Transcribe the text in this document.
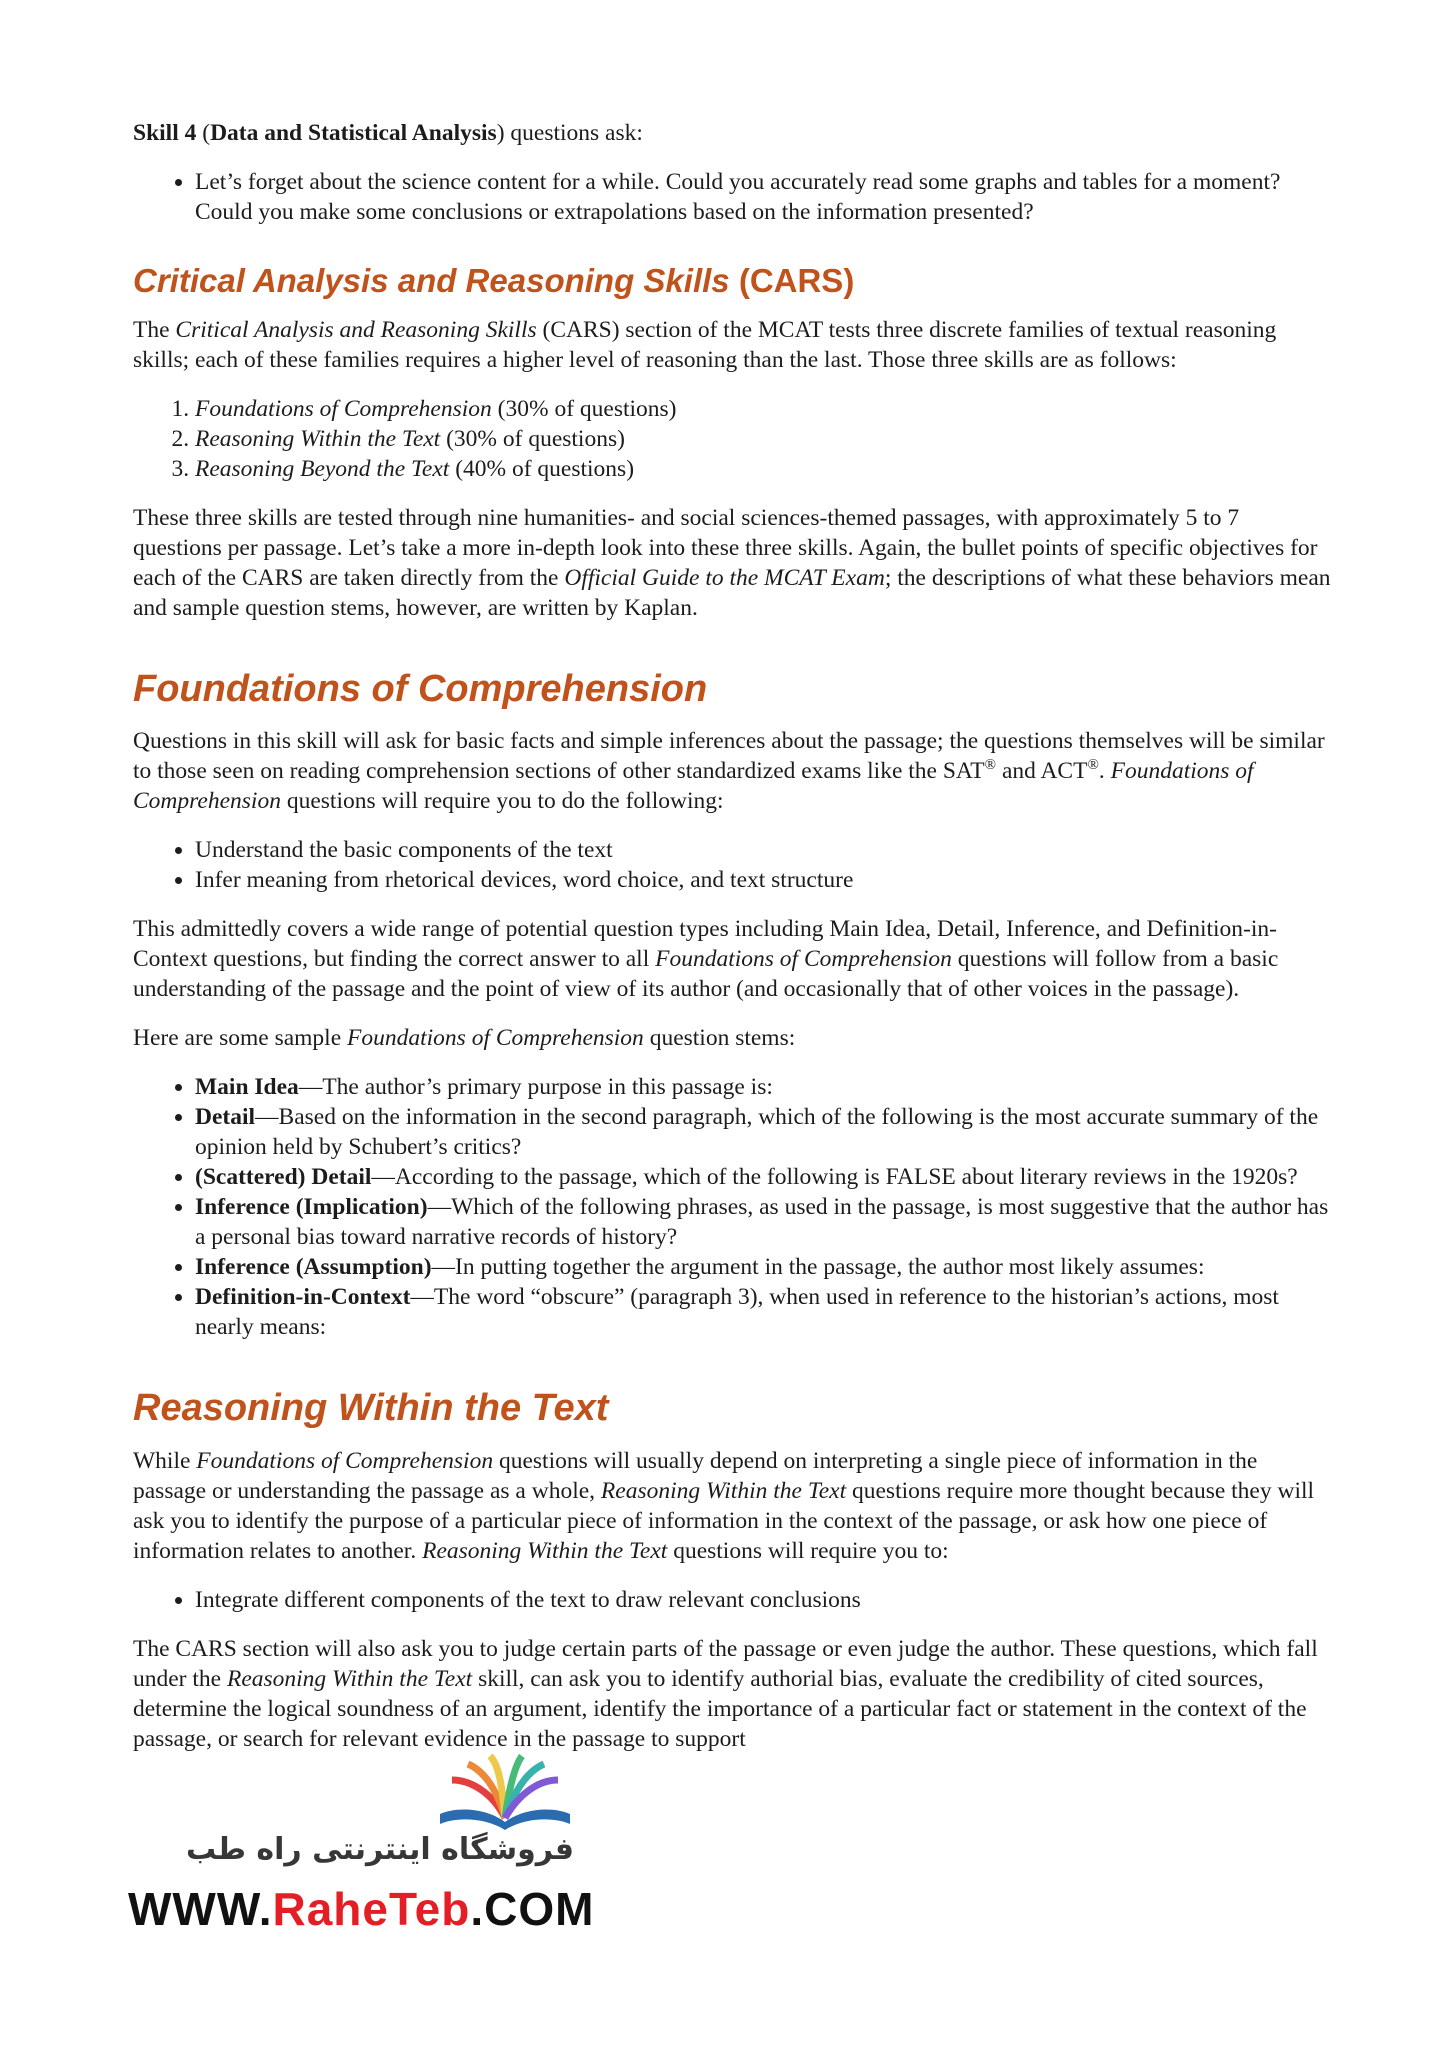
Skill 4 (Data and Statistical Analysis) questions ask:

• Let’s forget about the science content for a while. Could you accurately read some graphs and tables for a moment? Could you make some conclusions or extrapolations based on the information presented?
Critical Analysis and Reasoning Skills (CARS)

The Critical Analysis and Reasoning Skills (CARS) section of the MCAT tests three discrete families of textual reasoning skills; each of these families requires a higher level of reasoning than the last. Those three skills are as follows:

1. Foundations of Comprehension (30% of questions)
2. Reasoning Within the Text (30% of questions)
3. Reasoning Beyond the Text (40% of questions)

These three skills are tested through nine humanities- and social sciences-themed passages, with approximately 5 to 7 questions per passage. Let’s take a more in-depth look into these three skills. Again, the bullet points of specific objectives for each of the CARS are taken directly from the Official Guide to the MCAT Exam; the descriptions of what these behaviors mean and sample question stems, however, are written by Kaplan.

Foundations of Comprehension

Questions in this skill will ask for basic facts and simple inferences about the passage; the questions themselves will be similar to those seen on reading comprehension sections of other standardized exams like the SAT® and ACT®. Foundations of Comprehension questions will require you to do the following:

• Understand the basic components of the text
• Infer meaning from rhetorical devices, word choice, and text structure

This admittedly covers a wide range of potential question types including Main Idea, Detail, Inference, and Definition-in-Context questions, but finding the correct answer to all Foundations of Comprehension questions will follow from a basic understanding of the passage and the point of view of its author (and occasionally that of other voices in the passage).

Here are some sample Foundations of Comprehension question stems:

• Main Idea—The author’s primary purpose in this passage is:
• Detail—Based on the information in the second paragraph, which of the following is the most accurate summary of the opinion held by Schubert’s critics?
• (Scattered) Detail—According to the passage, which of the following is FALSE about literary reviews in the 1920s?
• Inference (Implication)—Which of the following phrases, as used in the passage, is most suggestive that the author has a personal bias toward narrative records of history?
• Inference (Assumption)—In putting together the argument in the passage, the author most likely assumes:
• Definition-in-Context—The word “obscure” (paragraph 3), when used in reference to the historian’s actions, most nearly means:
Reasoning Within the Text

While Foundations of Comprehension questions will usually depend on interpreting a single piece of information in the passage or understanding the passage as a whole, Reasoning Within the Text questions require more thought because they will ask you to identify the purpose of a particular piece of information in the context of the passage, or ask how one piece of information relates to another. Reasoning Within the Text questions will require you to:

• Integrate different components of the text to draw relevant conclusions

The CARS section will also ask you to judge certain parts of the passage or even judge the author. These questions, which fall under the Reasoning Within the Text skill, can ask you to identify authorial bias, evaluate the credibility of cited sources, determine the logical soundness of an argument, identify the importance of a particular fact or statement in the context of the passage, or search for relevant evidence in the passage to support

فروشگاه اینترنتی راه طب
WWW.RaheTeb.COM
